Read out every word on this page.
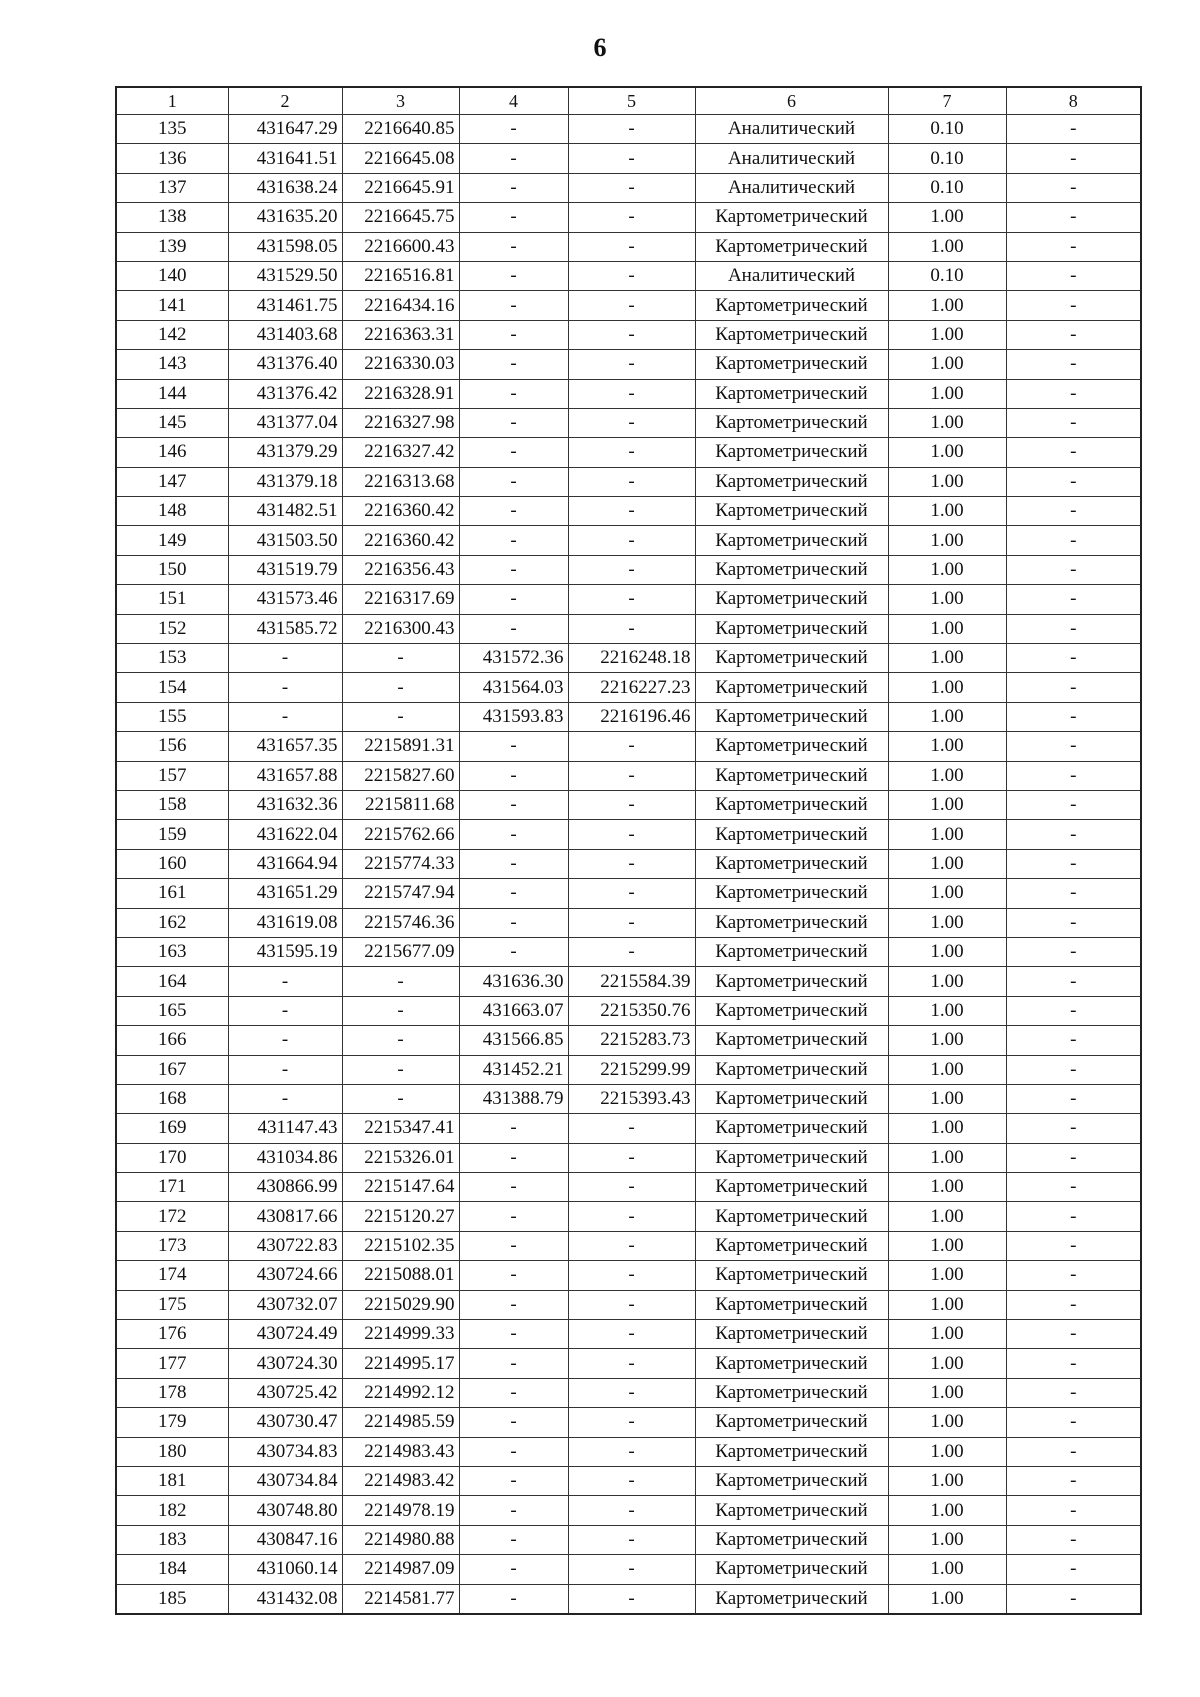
6
1	2	3	4	5	6	7	8
135	431647.29	2216640.85	-	-	Аналитический	0.10	-
136	431641.51	2216645.08	-	-	Аналитический	0.10	-
137	431638.24	2216645.91	-	-	Аналитический	0.10	-
138	431635.20	2216645.75	-	-	Картометрический	1.00	-
139	431598.05	2216600.43	-	-	Картометрический	1.00	-
140	431529.50	2216516.81	-	-	Аналитический	0.10	-
141	431461.75	2216434.16	-	-	Картометрический	1.00	-
142	431403.68	2216363.31	-	-	Картометрический	1.00	-
143	431376.40	2216330.03	-	-	Картометрический	1.00	-
144	431376.42	2216328.91	-	-	Картометрический	1.00	-
145	431377.04	2216327.98	-	-	Картометрический	1.00	-
146	431379.29	2216327.42	-	-	Картометрический	1.00	-
147	431379.18	2216313.68	-	-	Картометрический	1.00	-
148	431482.51	2216360.42	-	-	Картометрический	1.00	-
149	431503.50	2216360.42	-	-	Картометрический	1.00	-
150	431519.79	2216356.43	-	-	Картометрический	1.00	-
151	431573.46	2216317.69	-	-	Картометрический	1.00	-
152	431585.72	2216300.43	-	-	Картометрический	1.00	-
153	-	-	431572.36	2216248.18	Картометрический	1.00	-
154	-	-	431564.03	2216227.23	Картометрический	1.00	-
155	-	-	431593.83	2216196.46	Картометрический	1.00	-
156	431657.35	2215891.31	-	-	Картометрический	1.00	-
157	431657.88	2215827.60	-	-	Картометрический	1.00	-
158	431632.36	2215811.68	-	-	Картометрический	1.00	-
159	431622.04	2215762.66	-	-	Картометрический	1.00	-
160	431664.94	2215774.33	-	-	Картометрический	1.00	-
161	431651.29	2215747.94	-	-	Картометрический	1.00	-
162	431619.08	2215746.36	-	-	Картометрический	1.00	-
163	431595.19	2215677.09	-	-	Картометрический	1.00	-
164	-	-	431636.30	2215584.39	Картометрический	1.00	-
165	-	-	431663.07	2215350.76	Картометрический	1.00	-
166	-	-	431566.85	2215283.73	Картометрический	1.00	-
167	-	-	431452.21	2215299.99	Картометрический	1.00	-
168	-	-	431388.79	2215393.43	Картометрический	1.00	-
169	431147.43	2215347.41	-	-	Картометрический	1.00	-
170	431034.86	2215326.01	-	-	Картометрический	1.00	-
171	430866.99	2215147.64	-	-	Картометрический	1.00	-
172	430817.66	2215120.27	-	-	Картометрический	1.00	-
173	430722.83	2215102.35	-	-	Картометрический	1.00	-
174	430724.66	2215088.01	-	-	Картометрический	1.00	-
175	430732.07	2215029.90	-	-	Картометрический	1.00	-
176	430724.49	2214999.33	-	-	Картометрический	1.00	-
177	430724.30	2214995.17	-	-	Картометрический	1.00	-
178	430725.42	2214992.12	-	-	Картометрический	1.00	-
179	430730.47	2214985.59	-	-	Картометрический	1.00	-
180	430734.83	2214983.43	-	-	Картометрический	1.00	-
181	430734.84	2214983.42	-	-	Картометрический	1.00	-
182	430748.80	2214978.19	-	-	Картометрический	1.00	-
183	430847.16	2214980.88	-	-	Картометрический	1.00	-
184	431060.14	2214987.09	-	-	Картометрический	1.00	-
185	431432.08	2214581.77	-	-	Картометрический	1.00	-
